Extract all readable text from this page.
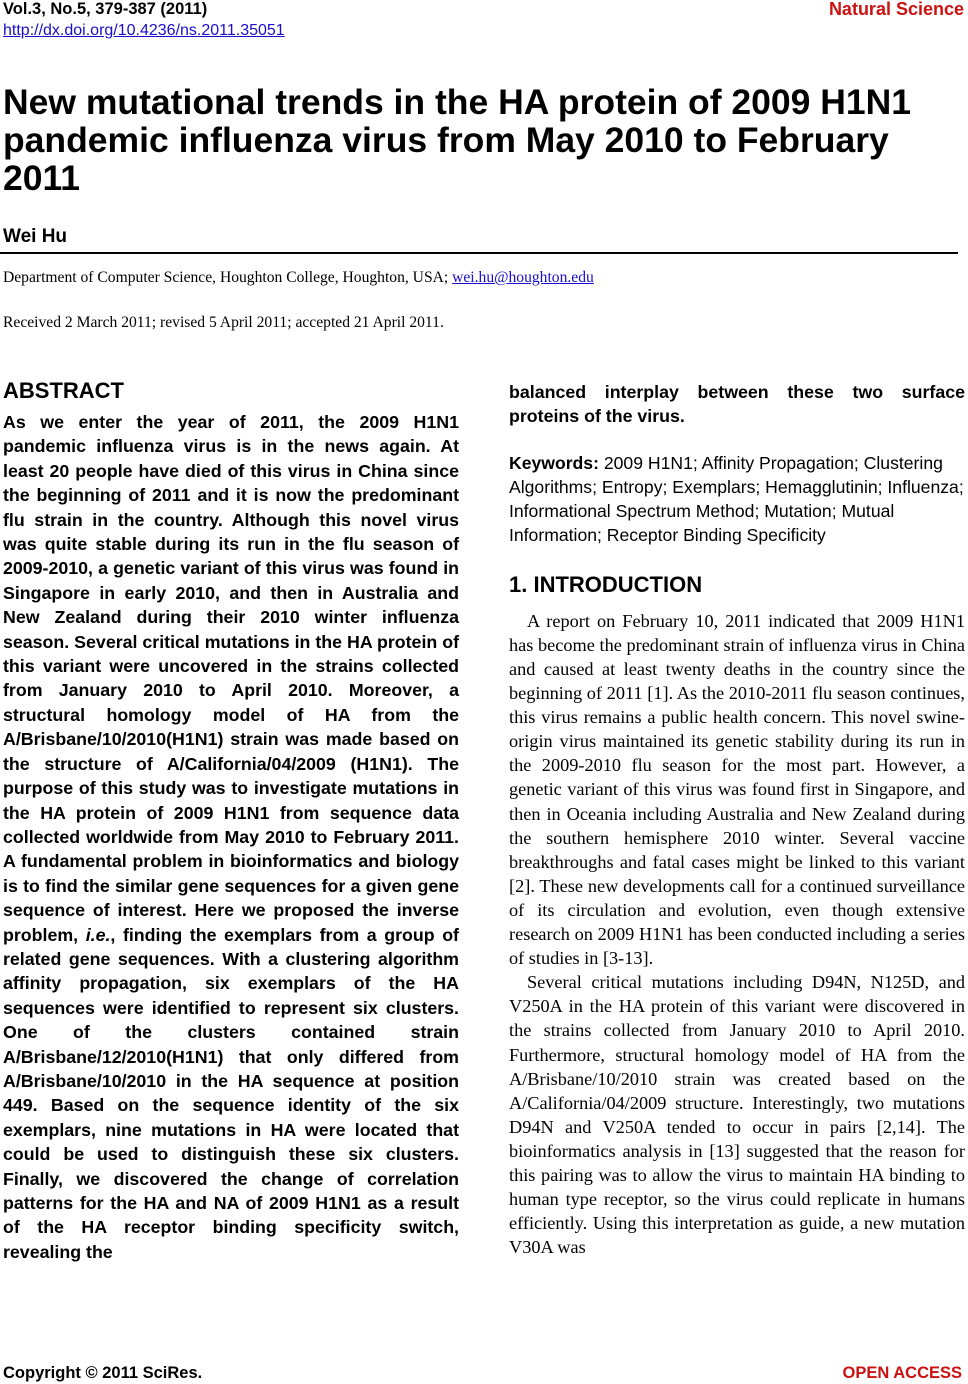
Vol.3, No.5, 379-387 (2011)
http://dx.doi.org/10.4236/ns.2011.35051
Natural Science
New mutational trends in the HA protein of 2009 H1N1 pandemic influenza virus from May 2010 to February 2011
Wei Hu
Department of Computer Science, Houghton College, Houghton, USA; wei.hu@houghton.edu
Received 2 March 2011; revised 5 April 2011; accepted 21 April 2011.
ABSTRACT

As we enter the year of 2011, the 2009 H1N1 pandemic influenza virus is in the news again. At least 20 people have died of this virus in China since the beginning of 2011 and it is now the predominant flu strain in the country. Although this novel virus was quite stable during its run in the flu season of 2009-2010, a genetic variant of this virus was found in Singapore in early 2010, and then in Australia and New Zealand during their 2010 winter influenza season. Several critical mutations in the HA protein of this variant were uncovered in the strains collected from January 2010 to April 2010. Moreover, a structural homology model of HA from the A/Brisbane/10/2010(H1N1) strain was made based on the structure of A/California/04/2009 (H1N1). The purpose of this study was to investigate mutations in the HA protein of 2009 H1N1 from sequence data collected worldwide from May 2010 to February 2011. A fundamental problem in bioinformatics and biology is to find the similar gene sequences for a given gene sequence of interest. Here we proposed the inverse problem, i.e., finding the exemplars from a group of related gene sequences. With a clustering algorithm affinity propagation, six exemplars of the HA sequences were identified to represent six clusters. One of the clusters contained strain A/Brisbane/12/2010(H1N1) that only differed from A/Brisbane/10/2010 in the HA sequence at position 449. Based on the sequence identity of the six exemplars, nine mutations in HA were located that could be used to distinguish these six clusters. Finally, we discovered the change of correlation patterns for the HA and NA of 2009 H1N1 as a result of the HA receptor binding specificity switch, revealing the

balanced interplay between these two surface proteins of the virus.

Keywords: 2009 H1N1; Affinity Propagation; Clustering Algorithms; Entropy; Exemplars; Hemagglutinin; Influenza; Informational Spectrum Method; Mutation; Mutual Information; Receptor Binding Specificity
1. INTRODUCTION

A report on February 10, 2011 indicated that 2009 H1N1 has become the predominant strain of influenza virus in China and caused at least twenty deaths in the country since the beginning of 2011 [1]. As the 2010-2011 flu season continues, this virus remains a public health concern. This novel swine-origin virus maintained its genetic stability during its run in the 2009-2010 flu season for the most part. However, a genetic variant of this virus was found first in Singapore, and then in Oceania including Australia and New Zealand during the southern hemisphere 2010 winter. Several vaccine breakthroughs and fatal cases might be linked to this variant [2]. These new developments call for a continued surveillance of its circulation and evolution, even though extensive research on 2009 H1N1 has been conducted including a series of studies in [3-13].

Several critical mutations including D94N, N125D, and V250A in the HA protein of this variant were discovered in the strains collected from January 2010 to April 2010. Furthermore, structural homology model of HA from the A/Brisbane/10/2010 strain was created based on the A/California/04/2009 structure. Interestingly, two mutations D94N and V250A tended to occur in pairs [2,14]. The bioinformatics analysis in [13] suggested that the reason for this pairing was to allow the virus to maintain HA binding to human type receptor, so the virus could replicate in humans efficiently. Using this interpretation as guide, a new mutation V30A was

Copyright © 2011 SciRes.	OPEN ACCESS
